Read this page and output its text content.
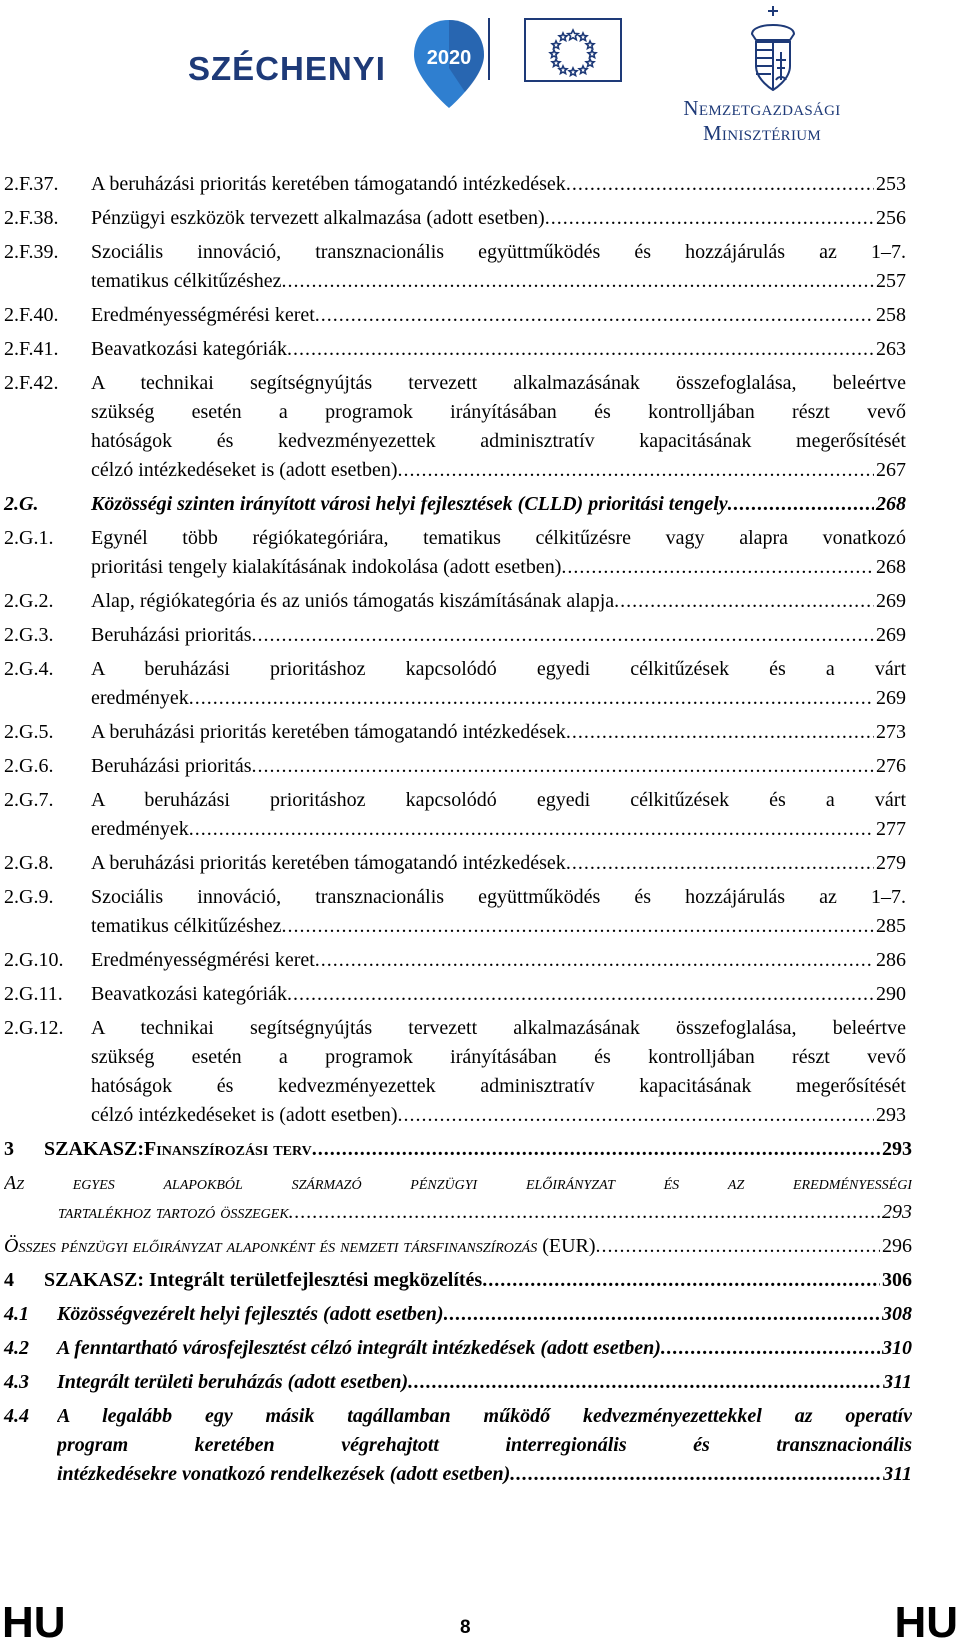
SZÉCHENYI 2020
Nemzetgazdasági
Minisztérium
2.F.37. A beruházási prioritás keretében támogatandó intézkedések .....	253
2.F.38. Pénzügyi eszközök tervezett alkalmazása (adott esetben) .....	256
2.F.39. Szociális innováció, transznacionális együttműködés és hozzájárulás az 1–7.
tematikus célkitűzéshez .....	257
2.F.40. Eredményességmérési keret .....	258
2.F.41. Beavatkozási kategóriák .....	263
2.F.42. A technikai segítségnyújtás tervezett alkalmazásának összefoglalása, beleértve
szükség esetén a programok irányításában és kontrolljában részt vevő
hatóságok és kedvezményezettek adminisztratív kapacitásának megerősítését
célzó intézkedéseket is (adott esetben) .....	267
2.G.	Közösségi szinten irányított városi helyi fejlesztések (CLLD) prioritási tengely .....	268
2.G.1. Egynél több régiókategóriára, tematikus célkitűzésre vagy alapra vonatkozó
prioritási tengely kialakításának indokolása (adott esetben) .....	268
2.G.2. Alap, régiókategória és az uniós támogatás kiszámításának alapja .....	269
2.G.3. Beruházási prioritás .....	269
2.G.4. A beruházási prioritáshoz kapcsolódó egyedi célkitűzések és a várt
eredmények .....	269
2.G.5. A beruházási prioritás keretében támogatandó intézkedések .....	273
2.G.6. Beruházási prioritás .....	276
2.G.7. A beruházási prioritáshoz kapcsolódó egyedi célkitűzések és a várt
eredmények .....	277
2.G.8. A beruházási prioritás keretében támogatandó intézkedések .....	279
2.G.9. Szociális innováció, transznacionális együttműködés és hozzájárulás az 1–7.
tematikus célkitűzéshez .....	285
2.G.10. Eredményességmérési keret .....	286
2.G.11. Beavatkozási kategóriák .....	290
2.G.12. A technikai segítségnyújtás tervezett alkalmazásának összefoglalása, beleértve
szükség esetén a programok irányításában és kontrolljában részt vevő
hatóságok és kedvezményezettek adminisztratív kapacitásának megerősítését
célzó intézkedéseket is (adott esetben) .....	293
3 SZAKASZ:Finanszírozási terv .....	293
Az egyes alapokból származó pénzügyi előirányzat és az eredményességi
tartalékhoz tartozó összegek .....	293
Összes pénzügyi előirányzat alaponként és nemzeti társfinanszírozás (EUR) .....	296
4 SZAKASZ: Integrált területfejlesztési megközelítés .....	306
4.1 Közösségvezérelt helyi fejlesztés (adott esetben) .....	308
4.2 A fenntartható városfejlesztést célzó integrált intézkedések (adott esetben) .....	310
4.3 Integrált területi beruházás (adott esetben) .....	311
4.4 A legalább egy másik tagállamban működő kedvezményezettekkel az operatív
program keretében végrehajtott interregionális és transznacionális
intézkedésekre vonatkozó rendelkezések (adott esetben) .....	311
HU	8	HU
